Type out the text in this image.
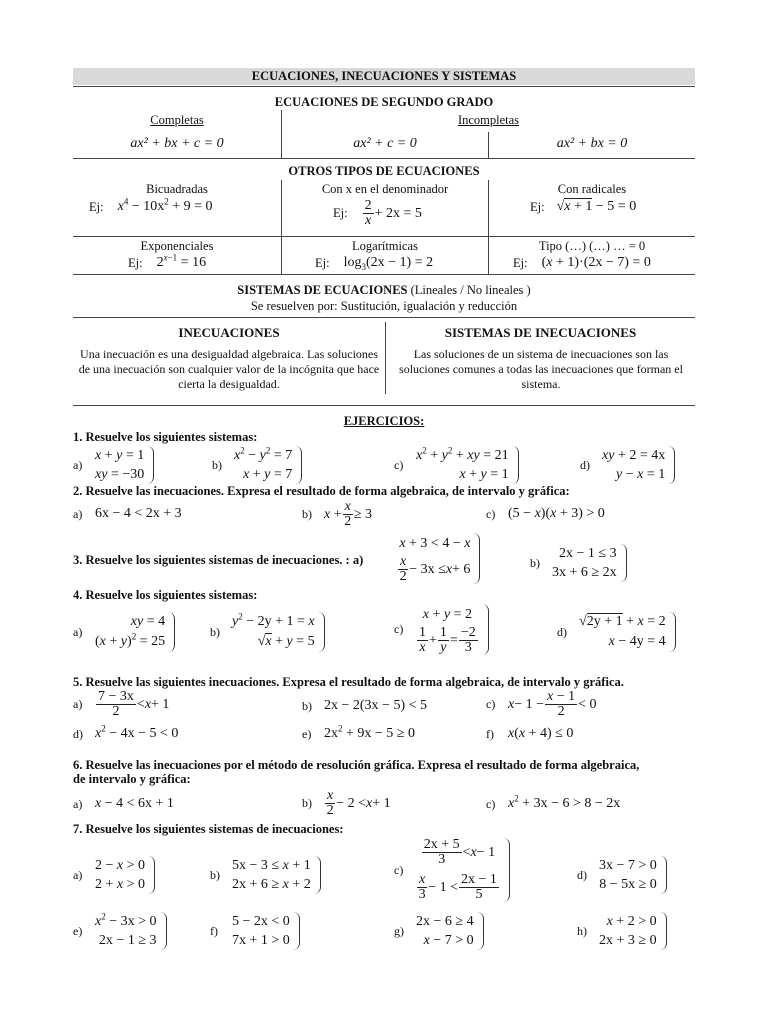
ECUACIONES, INECUACIONES Y SISTEMAS
ECUACIONES DE SEGUNDO GRADO
Completas	Incompletas
ax² + bx + c = 0	ax² + c = 0	ax² + bx = 0
OTROS TIPOS DE ECUACIONES
Bicuadradas	Con x en el denominador	Con radicales
Ej: $x^4 - 10x^2 + 9 = 0$	Ej: $\frac{2}{x} + 2x = 5$	Ej: √x + 1 − 5 = 0
Exponenciales	Logarítmicas	Tipo (…) (…) … = 0
Ej: $2^{x-1} = 16$	Ej: $\log_3(2x - 1) = 2$	Ej: (x + 1)·(2x − 7) = 0
SISTEMAS DE ECUACIONES (Lineales / No lineales )
Se resuelven por: Sustitución, igualación y reducción
INECUACIONES	SISTEMAS DE INECUACIONES
Una inecuación es una desigualdad algebraica. Las soluciones de una inecuación son cualquier valor de la incógnita que hace cierta la desigualdad.
Las soluciones de un sistema de inecuaciones son las soluciones comunes a todas las inecuaciones que forman el sistema.
EJERCICIOS:
1. Resuelve los siguientes sistemas:
a)
x + y = 1
xy = −30
b)
$x^2 - y^2 = 7$
x + y = 7
c)
$x^2 + y^2$ + xy = 21
x + y = 1
d)
xy + 2 = 4x
y − x = 1
2. Resuelve las inecuaciones. Expresa el resultado de forma algebraica, de intervalo y gráfica:
a) 6x − 4 < 2x + 3	b) $x + \frac{x}{2} \ge 3$	c) (5 − x)(x + 3) > 0
3. Resuelve los siguientes sistemas de inecuaciones. : a)
x + 3 < 4 − x
$\frac{x}{2} - 3x \le x + 6$	b)
2x − 1 ≤ 3
3x + 6 ≥ 2x
4. Resuelve los siguientes sistemas:
a)
xy = 4
$(x + y)^2 = 25$
b)
$y^2 - 2y + 1 = x$
√x + y = 5
c)
x + y = 2
$\frac{1}{x} + \frac{1}{y} = \frac{-2}{3}$	d)
√2y + 1 + x = 2
x − 4y = 4
5. Resuelve las siguientes inecuaciones. Expresa el resultado de forma algebraica, de intervalo y gráfica.
$a) \frac{7 - 3x}{2} < x + 1$	b) 2x − 2(3x − 5) < 5	c) $x - 1 - \frac{x - 1}{2} < 0$
d) $x^2 - 4x - 5 < 0$	e) $2x^2 + 9x - 5 \ge 0$	f)	x(x + 4) ≤ 0
6. Resuelve las inecuaciones por el método de resolución gráfica. Expresa el resultado de forma algebraica,
de intervalo y gráfica:
a) x − 4 < 6x + 1	$b) \frac{x}{2} - 2 < x + 1$	c) $x^2 + 3x - 6 > 8 - 2x$
7. Resuelve los siguientes sistemas de inecuaciones:
a)
2 − x > 0
2 + x > 0
b)
5x − 3 ≤ x + 1
2x + 6 ≥ x + 2
c)
$\frac{2x + 5}{3} < x - 1$
$\frac{x}{3} - 1 < \frac{2x - 1}{5}$	d)
3x − 7 > 0
8 − 5x ≥ 0
e)
$x^2 - 3x > 0$
2x − 1 ≥ 3
f)
5 − 2x < 0
7x + 1 > 0
g)
2x − 6 ≥ 4
x − 7 > 0
h)
x + 2 > 0
2x + 3 ≥ 0
